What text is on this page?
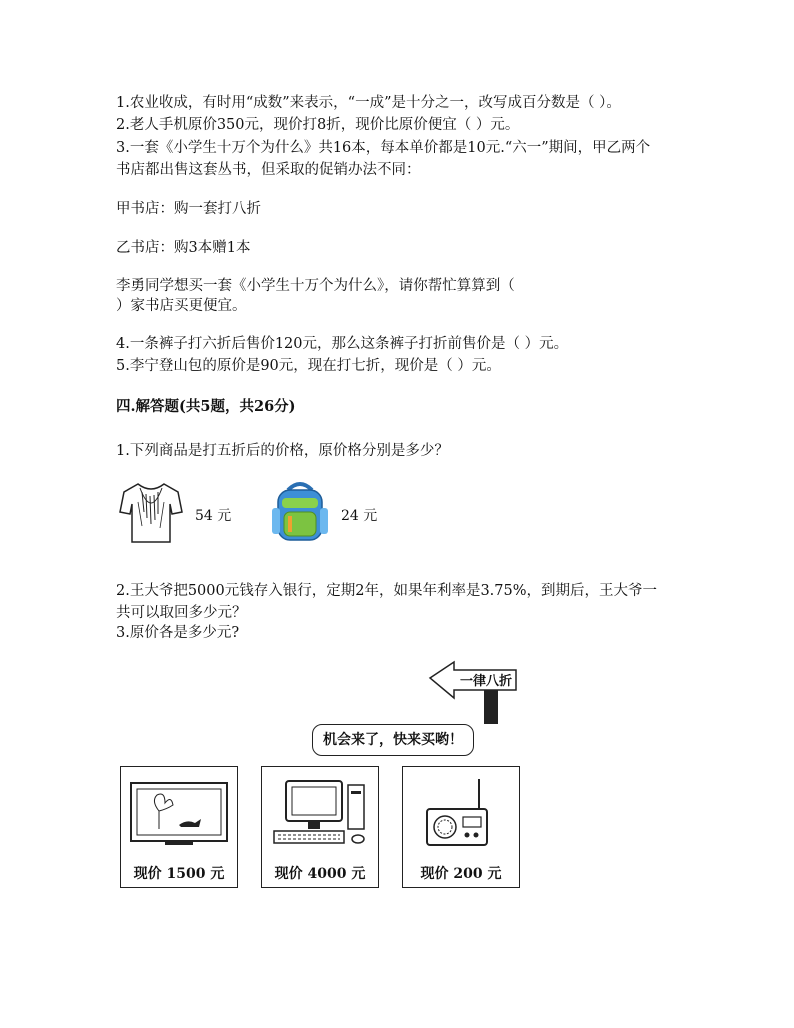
1.农业收成，有时用“成数”来表示，“一成”是十分之一，改写成百分数是（ ）。
2.老人手机原价350元，现价打8折，现价比原价便宜（ ）元。
3.一套《小学生十万个为什么》共16本，每本单价都是10元.“六一”期间，甲乙两个
书店都出售这套丛书，但采取的促销办法不同：
甲书店：购一套打八折
乙书店：购3本赠1本
李勇同学想买一套《小学生十万个为什么》，请你帮忙算算到（
）家书店买更便宜。
4.一条裤子打六折后售价120元，那么这条裤子打折前售价是（ ）元。
5.李宁登山包的原价是90元，现在打七折，现价是（ ）元。
四.解答题(共5题，共26分)
1.下列商品是打五折后的价格，原价格分别是多少？
54 元	24 元
2.王大爷把5000元钱存入银行，定期2年，如果年利率是3.75%，到期后，王大爷一
共可以取回多少元？
3.原价各是多少元?
一律八折
机会来了，快来买哟！
现价 1500 元	现价 4000 元	现价 200 元
